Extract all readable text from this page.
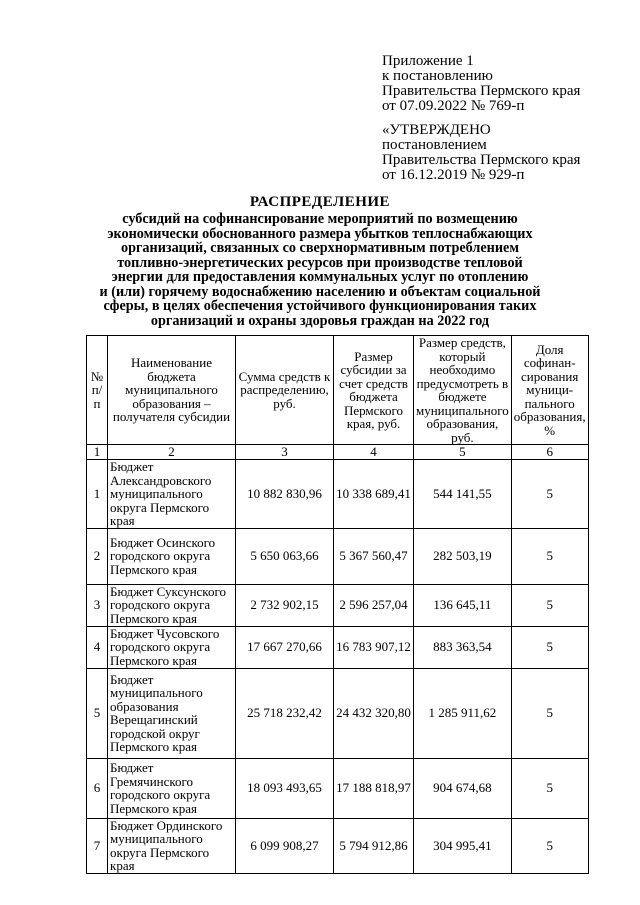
Приложение 1
к постановлению
Правительства Пермского края
от 07.09.2022 № 769-п
«УТВЕРЖДЕНО
постановлением
Правительства Пермского края
от 16.12.2019 № 929-п
РАСПРЕДЕЛЕНИЕ
субсидий на софинансирование мероприятий по возмещению
экономически обоснованного размера убытков теплоснабжающих
организаций, связанных со сверхнормативным потреблением
топливно-энергетических ресурсов при производстве тепловой
энергии для предоставления коммунальных услуг по отоплению
и (или) горячему водоснабжению населению и объектам социальной
сферы, в целях обеспечения устойчивого функционирования таких
организаций и охраны здоровья граждан на 2022 год
№ п/п	Наименование бюджета муниципального образования – получателя субсидии	Сумма средств к распределению, руб.	Размер субсидии за счет средств бюджета Пермского края, руб.	Размер средств, который необходимо предусмотреть в бюджете муниципального образования, руб.	Доля софинан-сирования муници-пального образования, %
1	2	3	4	5	6
1	Бюджет Александровского муниципального округа Пермского края	10 882 830,96	10 338 689,41	544 141,55	5
2	Бюджет Осинского городского округа Пермского края	5 650 063,66	5 367 560,47	282 503,19	5
3	Бюджет Суксунского городского округа Пермского края	2 732 902,15	2 596 257,04	136 645,11	5
4	Бюджет Чусовского городского округа Пермского края	17 667 270,66	16 783 907,12	883 363,54	5
5	Бюджет муниципального образования Верещагинский городской округ Пермского края	25 718 232,42	24 432 320,80	1 285 911,62	5
6	Бюджет Гремячинского городского округа Пермского края	18 093 493,65	17 188 818,97	904 674,68	5
7	Бюджет Ординского муниципального округа Пермского края	6 099 908,27	5 794 912,86	304 995,41	5
